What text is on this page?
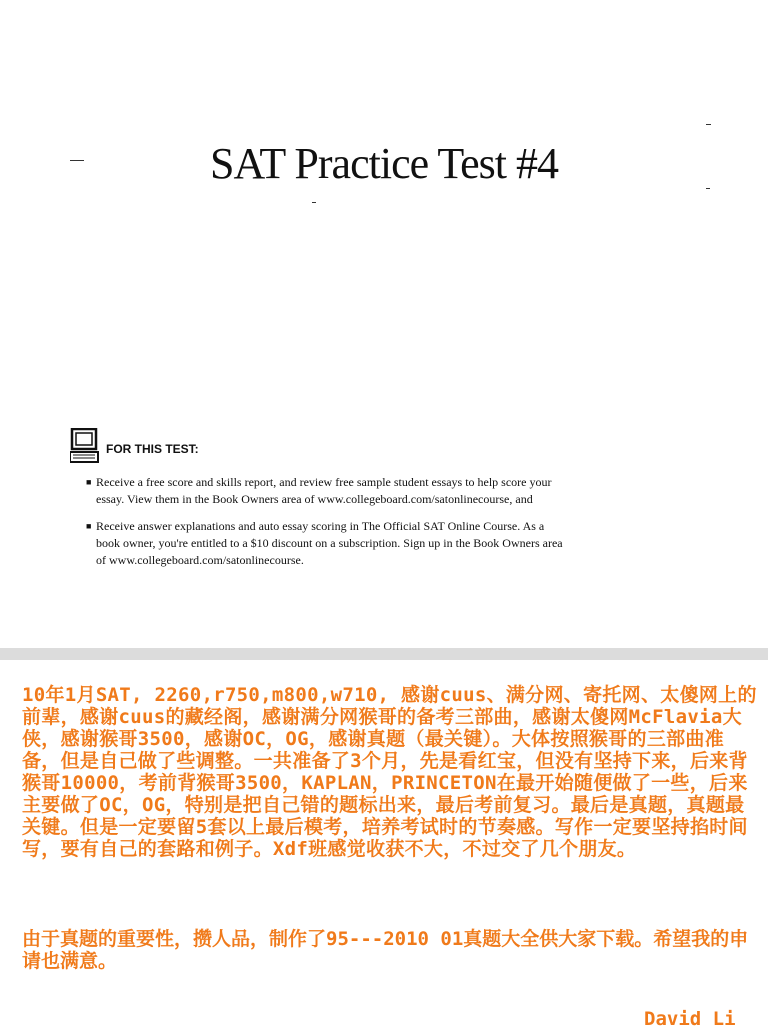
SAT Practice Test #4
FOR THIS TEST:
■ Receive a free score and skills report, and review free sample student essays to help score your essay. View them in the Book Owners area of www.collegeboard.com/satonlinecourse, and
■ Receive answer explanations and auto essay scoring in The Official SAT Online Course. As a book owner, you're entitled to a $10 discount on a subscription. Sign up in the Book Owners area of www.collegeboard.com/satonlinecourse.
10年1月SAT, 2260,r750,m800,w710, 感谢cuus、满分网、寄托网、太傻网上的前辈，感谢cuus的藏经阁，感谢满分网猴哥的备考三部曲，感谢太傻网McFlavia大侠，感谢猴哥3500，感谢OC，OG，感谢真题（最关键）。大体按照猴哥的三部曲准备，但是自己做了些调整。一共准备了3个月，先是看红宝，但没有坚持下来，后来背猴哥10000，考前背猴哥3500，KAPLAN，PRINCETON在最开始随便做了一些，后来主要做了OC，OG，特别是把自己错的题标出来，最后考前复习。最后是真题，真题最关键。但是一定要留5套以上最后模考，培养考试时的节奏感。写作一定要坚持掐时间写，要有自己的套路和例子。Xdf班感觉收获不大，不过交了几个朋友。
由于真题的重要性，攒人品，制作了95---2010 01真题大全供大家下载。希望我的申请也满意。
David Li
